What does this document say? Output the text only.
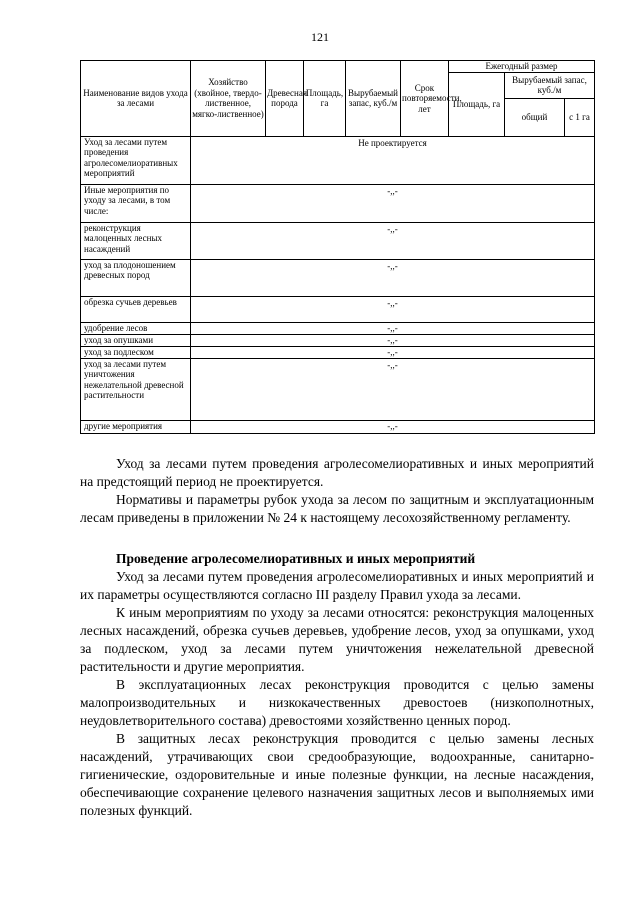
121
Наименование видов ухода за лесами	Хозяйство (хвойное, твердо-лиственное, мягко-лиственное)	Древесная порода	Площадь, га	Вырубаемый запас, куб./м	Срок повторяемости, лет	Ежегодный размер		
						Площадь, га	Вырубаемый запас, куб./м	
							общий	с 1 га
Уход за лесами путем проведения агролесомелиоративных мероприятий	Не проектируется							
Иные мероприятия по уходу за лесами, в том числе:	-,,-							
реконструкция малоценных лесных насаждений	-,,-							
уход за плодоношением древесных пород	-,,-							
обрезка сучьев деревьев	-,,-							
удобрение лесов	-,,-							
уход за опушками	-,,-							
уход за подлеском	-,,-							
уход за лесами путем уничтожения нежелательной древесной растительности	-,,-							
другие мероприятия	-,,-							

Уход за лесами путем проведения агролесомелиоративных и иных мероприятий на предстоящий период не проектируется.

Нормативы и параметры рубок ухода за лесом по защитным и эксплуатационным лесам приведены в приложении № 24 к настоящему лесохозяйственному регламенту.

Проведение агролесомелиоративных и иных мероприятий

Уход за лесами путем проведения агролесомелиоративных и иных мероприятий и их параметры осуществляются согласно III разделу Правил ухода за лесами.

К иным мероприятиям по уходу за лесами относятся: реконструкция малоценных лесных насаждений, обрезка сучьев деревьев, удобрение лесов, уход за опушками, уход за подлеском, уход за лесами путем уничтожения нежелательной древесной растительности и другие мероприятия.

В эксплуатационных лесах реконструкция проводится с целью замены малопроизводительных и низкокачественных древостоев (низкополнотных, неудовлетворительного состава) древостоями хозяйственно ценных пород.

В защитных лесах реконструкция проводится с целью замены лесных насаждений, утрачивающих свои средообразующие, водоохранные, санитарно-гигиенические, оздоровительные и иные полезные функции, на лесные насаждения, обеспечивающие сохранение целевого назначения защитных лесов и выполняемых ими полезных функций.
